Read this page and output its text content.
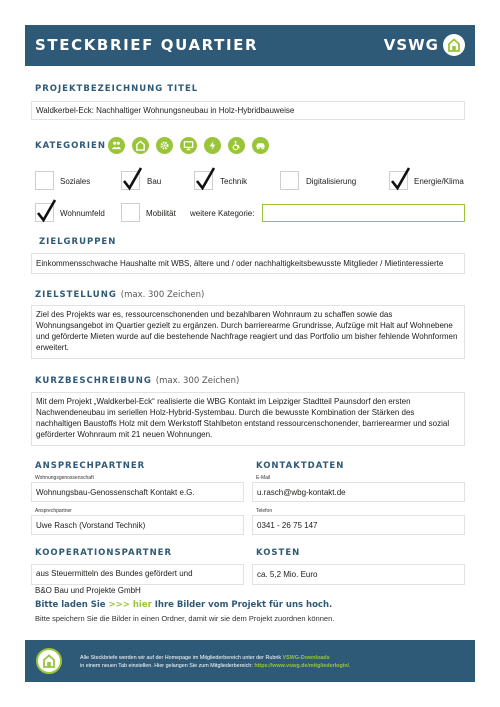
STECKBRIEF QUARTIER	VSWG
PROJEKTBEZEICHNUNG TITEL
Waldkerbel-Eck: Nachhaltiger Wohnungsneubau in Holz-Hybridbauweise
KATEGORIEN
Soziales	Bau	Technik	Digitalisierung	Energie/Klima
Wohnumfeld	Mobilität weitere Kategorie:
ZIELGRUPPEN
Einkommensschwache Haushalte mit WBS, ältere und / oder nachhaltigkeitsbewusste Mitglieder / Mietinteressierte
ZIELSTELLUNG (max. 300 Zeichen)
Ziel des Projekts war es, ressourcenschonenden und bezahlbaren Wohnraum zu schaffen sowie das Wohnungsangebot im Quartier gezielt zu ergänzen. Durch barrierearme Grundrisse, Aufzüge mit Halt auf Wohnebene und geförderte Mieten wurde auf die bestehende Nachfrage reagiert und das Portfolio um bisher fehlende Wohnformen erweitert.
KURZBESCHREIBUNG (max. 300 Zeichen)
Mit dem Projekt „Waldkerbel-Eck“ realisierte die WBG Kontakt im Leipziger Stadtteil Paunsdorf den ersten Nachwendeneubau im seriellen Holz-Hybrid-Systembau. Durch die bewusste Kombination der Stärken des nachhaltigen Baustoffs Holz mit dem Werkstoff Stahlbeton entstand ressourcenschonender, barrierearmer und sozial geförderter Wohnraum mit 21 neuen Wohnungen.
ANSPRECHPARTNER
Wohnungsgenossenschaft
Wohnungsbau-Genossenschaft Kontakt e.G.
Ansprechpartner
Uwe Rasch (Vorstand Technik)
KONTAKTDATEN
E-Mail
u.rasch@wbg-kontakt.de
Telefon
0341 - 26 75 147
KOOPERATIONSPARTNER
aus Steuermitteln des Bundes gefördert und
B&O Bau und Projekte GmbH
KOSTEN
ca. 5,2 Mio. Euro
Bitte laden Sie >>> hier Ihre Bilder vom Projekt für uns hoch.
Bitte speichern Sie die Bilder in einen Ordner, damit wir sie dem Projekt zuordnen können.
Alle Steckbriefe werden wir auf der Homepage im Mitgliederbereich unter der Rubrik VSWG-Downloads
in einem neuen Tab einstellen. Hier gelangen Sie zum Mitgliederbereich: https://www.vswg.de/mitgliederlogin/.
